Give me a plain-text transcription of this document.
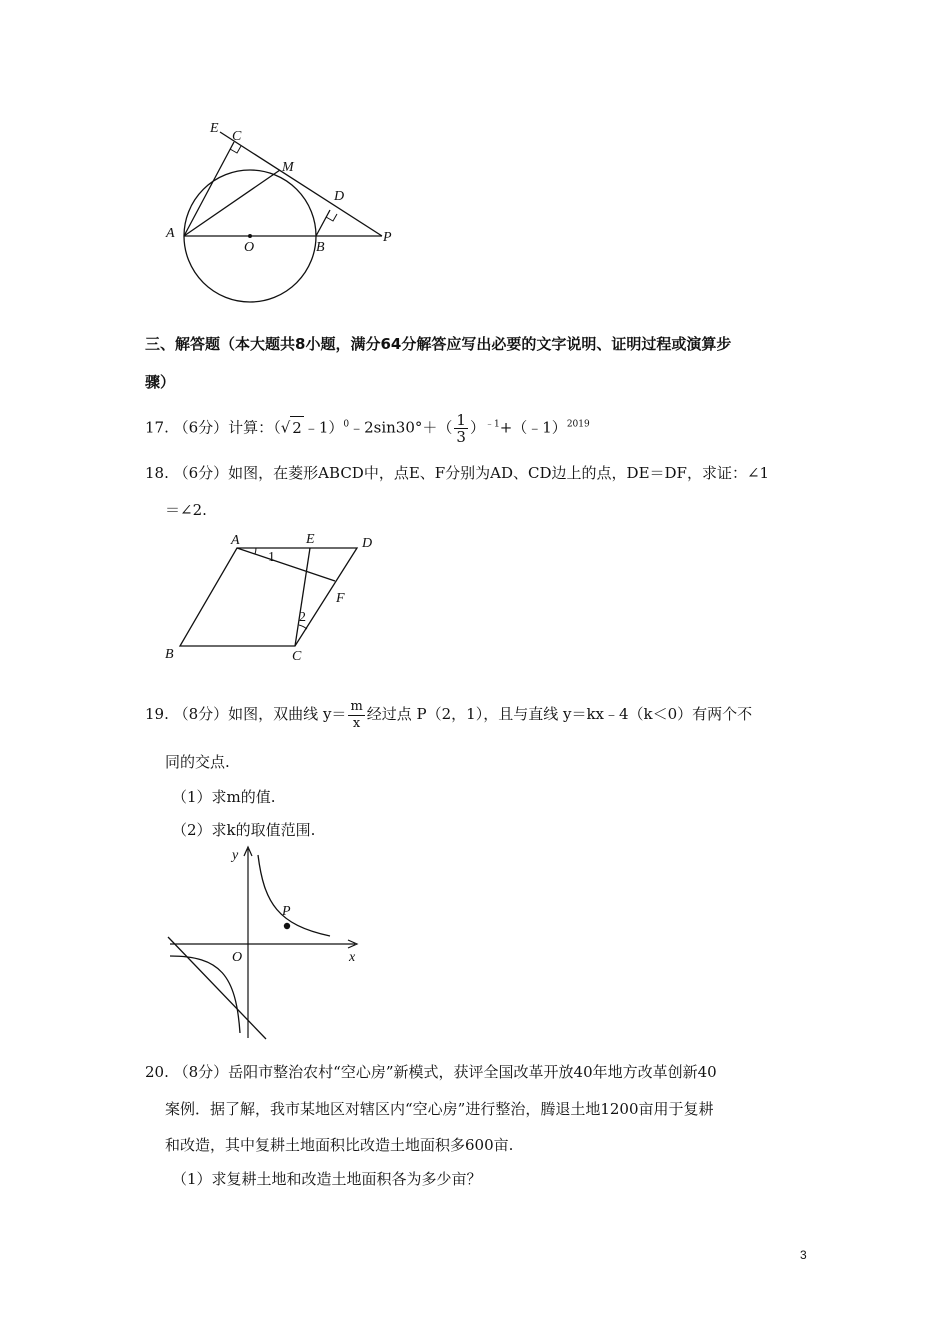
E
C
M
D
A
O	B
P
三、解答题（本大题共8小题，满分64分解答应写出必要的文字说明、证明过程或演算步
骤）
17. （6分）计算：（√ 2 ﹣1）$^0$﹣2sin30°＋（ $\frac{1}{3}$ ）$^{﹣1}$+（﹣1）$^{2019}$
18. （6分）如图，在菱形ABCD中，点E、F分别为AD、CD边上的点，DE＝DF，求证：∠1
＝∠2.
A	E	D
1
F
2
B	C
19. （8分）如图，双曲线 $y= \frac{m}{x}$ 经过点 P（2，1），且与直线 y＝kx﹣4（k＜0）有两个不
同的交点.
（1）求m的值.
（2）求k的取值范围.
y
P
O	x
20. （8分）岳阳市整治农村“空心房”新模式，获评全国改革开放40年地方改革创新40
案例．据了解，我市某地区对辖区内“空心房”进行整治，腾退土地1200亩用于复耕
和改造，其中复耕土地面积比改造土地面积多600亩.
（1）求复耕土地和改造土地面积各为多少亩？
3
